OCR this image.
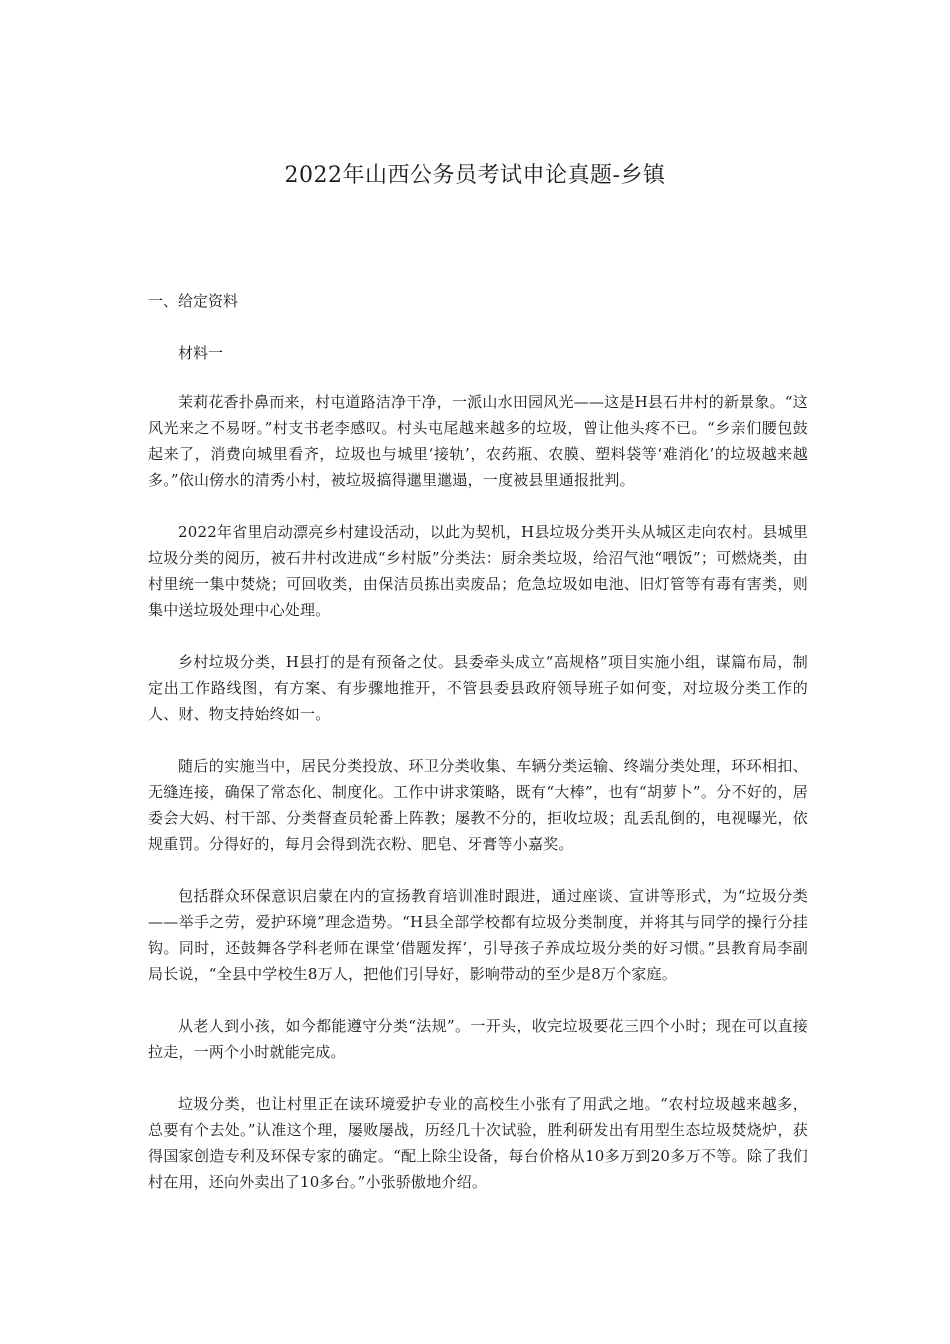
2022年山西公务员考试申论真题-乡镇

一、给定资料

材料一

茉莉花香扑鼻而来，村屯道路洁净干净，一派山水田园风光——这是H县石井村的新景象。“这风光来之不易呀。”村支书老李感叹。村头屯尾越来越多的垃圾，曾让他头疼不已。“乡亲们腰包鼓起来了，消费向城里看齐，垃圾也与城里‘接轨’，农药瓶、农膜、塑料袋等‘难消化’的垃圾越来越多。”依山傍水的清秀小村，被垃圾搞得邋里邋遢，一度被县里通报批判。

2022年省里启动漂亮乡村建设活动，以此为契机，H县垃圾分类开头从城区走向农村。县城里垃圾分类的阅历，被石井村改进成“乡村版”分类法：厨余类垃圾，给沼气池“喂饭”；可燃烧类，由村里统一集中焚烧；可回收类，由保洁员拣出卖废品；危急垃圾如电池、旧灯管等有毒有害类，则集中送垃圾处理中心处理。

乡村垃圾分类，H县打的是有预备之仗。县委牵头成立“高规格”项目实施小组，谋篇布局，制定出工作路线图，有方案、有步骤地推开，不管县委县政府领导班子如何变，对垃圾分类工作的人、财、物支持始终如一。

随后的实施当中，居民分类投放、环卫分类收集、车辆分类运输、终端分类处理，环环相扣、无缝连接，确保了常态化、制度化。工作中讲求策略，既有“大棒”，也有“胡萝卜”。分不好的，居委会大妈、村干部、分类督查员轮番上阵教；屡教不分的，拒收垃圾；乱丢乱倒的，电视曝光，依规重罚。分得好的，每月会得到洗衣粉、肥皂、牙膏等小嘉奖。

包括群众环保意识启蒙在内的宣扬教育培训准时跟进，通过座谈、宣讲等形式，为“垃圾分类——举手之劳，爱护环境”理念造势。“H县全部学校都有垃圾分类制度，并将其与同学的操行分挂钩。同时，还鼓舞各学科老师在课堂‘借题发挥’，引导孩子养成垃圾分类的好习惯。”县教育局李副局长说，“全县中学校生8万人，把他们引导好，影响带动的至少是8万个家庭。

从老人到小孩，如今都能遵守分类“法规”。一开头，收完垃圾要花三四个小时；现在可以直接拉走，一两个小时就能完成。

垃圾分类，也让村里正在读环境爱护专业的高校生小张有了用武之地。“农村垃圾越来越多，总要有个去处。”认准这个理，屡败屡战，历经几十次试验，胜利研发出有用型生态垃圾焚烧炉，获得国家创造专利及环保专家的确定。“配上除尘设备，每台价格从10多万到20多万不等。除了我们村在用，还向外卖出了10多台。”小张骄傲地介绍。
